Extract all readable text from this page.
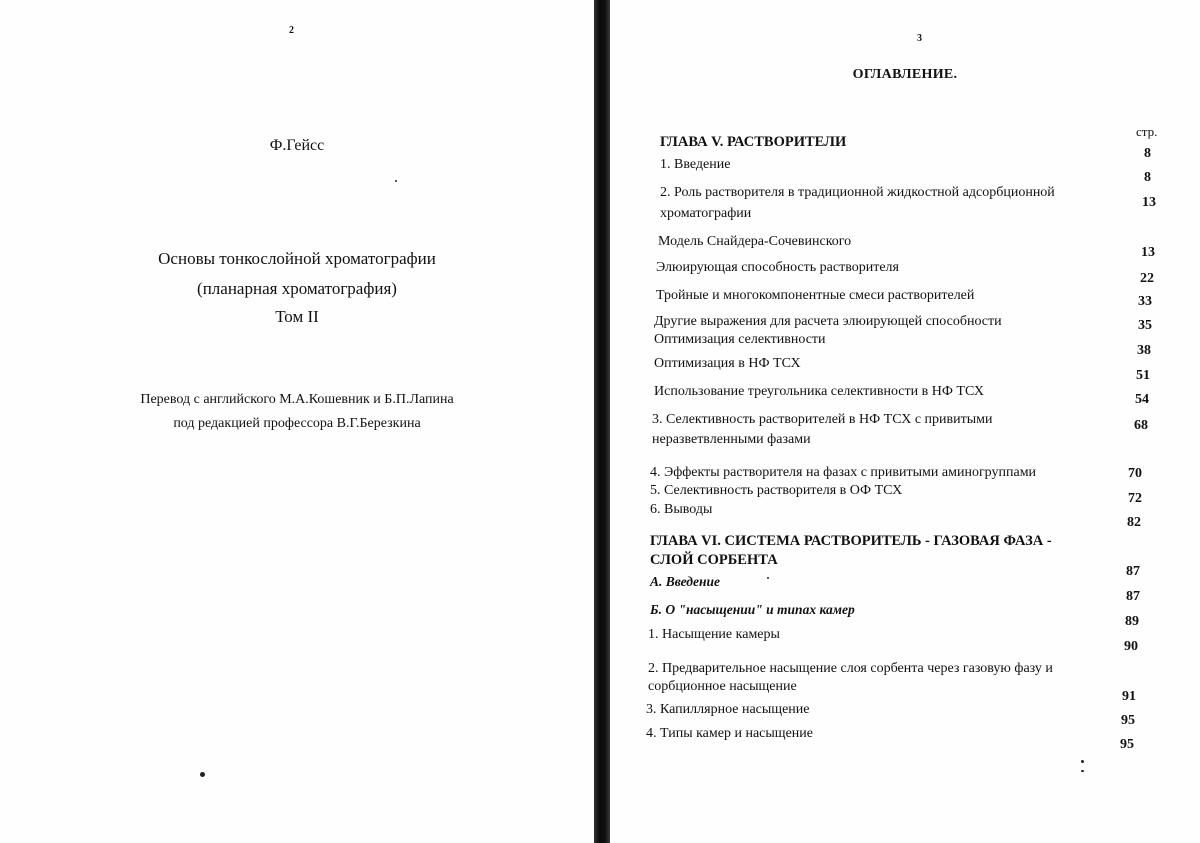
2
Ф.Гейсс
Основы тонкослойной хроматографии
(планарная хроматография)
Том II
Перевод с английского М.А.Кошевник и Б.П.Лапина
под редакцией профессора В.Г.Березкина
3
ОГЛАВЛЕНИЕ.
стр.
ГЛАВА V. РАСТВОРИТЕЛИ
1. Введение
2. Роль растворителя в традиционной жидкостной адсорбционной
хроматографии
Модель Снайдера-Сочевинского
Элюирующая способность растворителя
Тройные и многокомпонентные смеси растворителей
Другие выражения для расчета элюирующей способности
Оптимизация селективности
Оптимизация в НФ ТСХ
Использование треугольника селективности в НФ ТСХ
3. Селективность растворителей в НФ ТСХ с привитыми
неразветвленными фазами
4. Эффекты растворителя на фазах с привитыми аминогруппами
5. Селективность растворителя в ОФ ТСХ
6. Выводы
ГЛАВА VI. СИСТЕМА РАСТВОРИТЕЛЬ - ГАЗОВАЯ ФАЗА -
СЛОЙ СОРБЕНТА
А. Введение
Б. О "насыщении" и типах камер
1. Насыщение камеры
2. Предварительное насыщение слоя сорбента через газовую фазу и
сорбционное насыщение
3. Капиллярное насыщение
4. Типы камер и насыщение
8
8
13
13
22
33
35
38
51
54
68
70
72
82
87
87
89
90
91
95
95
